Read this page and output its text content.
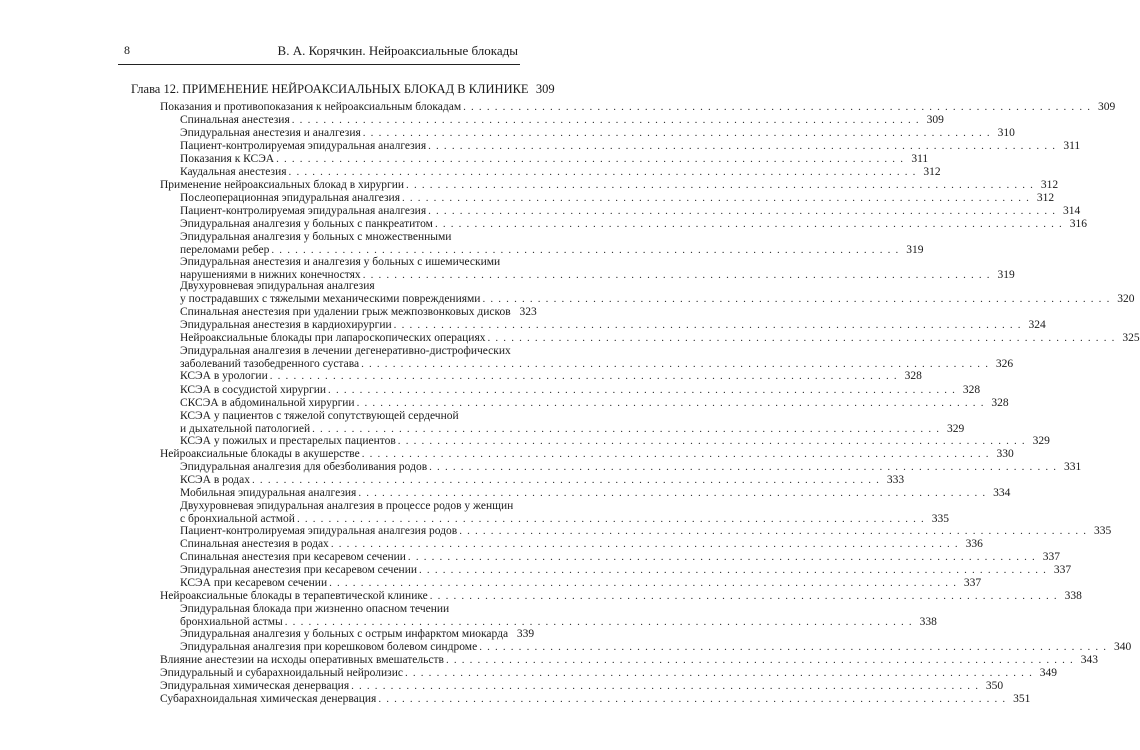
8	В. А. Корячкин. Нейроаксиальные блокады
Глава 12. ПРИМЕНЕНИЕ НЕЙРОАКСИАЛЬНЫХ БЛОКАД В КЛИНИКЕ 309
Показания и противопоказания к нейроаксиальным блокадам . . . . . . . . . . . . . . . . . . . . . . . . . . . . . . . . . . . . . . . . . . . . . . . . . . . . . . . . . . . . . . . . . . . . . . . . . . . . . . . . 309
Спинальная анестезия . . . . . . . . . . . . . . . . . . . . . . . . . . . . . . . . . . . . . . . . . . . . . . . . . . . . . . . . . . . . . . . . . . . . . . . . . . . . . . . . 309
Эпидуральная анестезия и аналгезия . . . . . . . . . . . . . . . . . . . . . . . . . . . . . . . . . . . . . . . . . . . . . . . . . . . . . . . . . . . . . . . . . . . . . . . . . . . . . . . . 310
Пациент-контролируемая эпидуральная аналгезия . . . . . . . . . . . . . . . . . . . . . . . . . . . . . . . . . . . . . . . . . . . . . . . . . . . . . . . . . . . . . . . . . . . . . . . . . . . . . . . . 311
Показания к КСЭА . . . . . . . . . . . . . . . . . . . . . . . . . . . . . . . . . . . . . . . . . . . . . . . . . . . . . . . . . . . . . . . . . . . . . . . . . . . . . . . . 311
Каудальная анестезия . . . . . . . . . . . . . . . . . . . . . . . . . . . . . . . . . . . . . . . . . . . . . . . . . . . . . . . . . . . . . . . . . . . . . . . . . . . . . . . . 312
Применение нейроаксиальных блокад в хирургии . . . . . . . . . . . . . . . . . . . . . . . . . . . . . . . . . . . . . . . . . . . . . . . . . . . . . . . . . . . . . . . . . . . . . . . . . . . . . . . . 312
Послеоперационная эпидуральная аналгезия . . . . . . . . . . . . . . . . . . . . . . . . . . . . . . . . . . . . . . . . . . . . . . . . . . . . . . . . . . . . . . . . . . . . . . . . . . . . . . . . 312
Пациент-контролируемая эпидуральная аналгезия . . . . . . . . . . . . . . . . . . . . . . . . . . . . . . . . . . . . . . . . . . . . . . . . . . . . . . . . . . . . . . . . . . . . . . . . . . . . . . . . 314
Эпидуральная аналгезия у больных с панкреатитом . . . . . . . . . . . . . . . . . . . . . . . . . . . . . . . . . . . . . . . . . . . . . . . . . . . . . . . . . . . . . . . . . . . . . . . . . . . . . . . . 316
Эпидуральная аналгезия у больных с множественными
переломами ребер . . . . . . . . . . . . . . . . . . . . . . . . . . . . . . . . . . . . . . . . . . . . . . . . . . . . . . . . . . . . . . . . . . . . . . . . . . . . . . . . 319
Эпидуральная анестезия и аналгезия у больных с ишемическими
нарушениями в нижних конечностях . . . . . . . . . . . . . . . . . . . . . . . . . . . . . . . . . . . . . . . . . . . . . . . . . . . . . . . . . . . . . . . . . . . . . . . . . . . . . . . . 319
Двухуровневая эпидуральная аналгезия
у пострадавших с тяжелыми механическими повреждениями . . . . . . . . . . . . . . . . . . . . . . . . . . . . . . . . . . . . . . . . . . . . . . . . . . . . . . . . . . . . . . . . . . . . . . . . . . . . . . . . 320
Спинальная анестезия при удалении грыж межпозвонковых дисков 323
Эпидуральная анестезия в кардиохирургии . . . . . . . . . . . . . . . . . . . . . . . . . . . . . . . . . . . . . . . . . . . . . . . . . . . . . . . . . . . . . . . . . . . . . . . . . . . . . . . . 324
Нейроаксиальные блокады при лапароскопических операциях . . . . . . . . . . . . . . . . . . . . . . . . . . . . . . . . . . . . . . . . . . . . . . . . . . . . . . . . . . . . . . . . . . . . . . . . . . . . . . . . 325
Эпидуральная аналгезия в лечении дегенеративно-дистрофических
заболеваний тазобедренного сустава . . . . . . . . . . . . . . . . . . . . . . . . . . . . . . . . . . . . . . . . . . . . . . . . . . . . . . . . . . . . . . . . . . . . . . . . . . . . . . . . 326
КСЭА в урологии . . . . . . . . . . . . . . . . . . . . . . . . . . . . . . . . . . . . . . . . . . . . . . . . . . . . . . . . . . . . . . . . . . . . . . . . . . . . . . . . 328
КСЭА в сосудистой хирургии . . . . . . . . . . . . . . . . . . . . . . . . . . . . . . . . . . . . . . . . . . . . . . . . . . . . . . . . . . . . . . . . . . . . . . . . . . . . . . . . 328
СКСЭА в абдоминальной хирургии . . . . . . . . . . . . . . . . . . . . . . . . . . . . . . . . . . . . . . . . . . . . . . . . . . . . . . . . . . . . . . . . . . . . . . . . . . . . . . . . 328
КСЭА у пациентов с тяжелой сопутствующей сердечной
и дыхательной патологией . . . . . . . . . . . . . . . . . . . . . . . . . . . . . . . . . . . . . . . . . . . . . . . . . . . . . . . . . . . . . . . . . . . . . . . . . . . . . . . . 329
КСЭА у пожилых и престарелых пациентов . . . . . . . . . . . . . . . . . . . . . . . . . . . . . . . . . . . . . . . . . . . . . . . . . . . . . . . . . . . . . . . . . . . . . . . . . . . . . . . . 329
Нейроаксиальные блокады в акушерстве . . . . . . . . . . . . . . . . . . . . . . . . . . . . . . . . . . . . . . . . . . . . . . . . . . . . . . . . . . . . . . . . . . . . . . . . . . . . . . . . 330
Эпидуральная аналгезия для обезболивания родов . . . . . . . . . . . . . . . . . . . . . . . . . . . . . . . . . . . . . . . . . . . . . . . . . . . . . . . . . . . . . . . . . . . . . . . . . . . . . . . . 331
КСЭА в родах . . . . . . . . . . . . . . . . . . . . . . . . . . . . . . . . . . . . . . . . . . . . . . . . . . . . . . . . . . . . . . . . . . . . . . . . . . . . . . . . 333
Мобильная эпидуральная аналгезия . . . . . . . . . . . . . . . . . . . . . . . . . . . . . . . . . . . . . . . . . . . . . . . . . . . . . . . . . . . . . . . . . . . . . . . . . . . . . . . . 334
Двухуровневая эпидуральная аналгезия в процессе родов у женщин
с бронхиальной астмой . . . . . . . . . . . . . . . . . . . . . . . . . . . . . . . . . . . . . . . . . . . . . . . . . . . . . . . . . . . . . . . . . . . . . . . . . . . . . . . . 335
Пациент-контролируемая эпидуральная аналгезия родов . . . . . . . . . . . . . . . . . . . . . . . . . . . . . . . . . . . . . . . . . . . . . . . . . . . . . . . . . . . . . . . . . . . . . . . . . . . . . . . . 335
Спинальная анестезия в родах . . . . . . . . . . . . . . . . . . . . . . . . . . . . . . . . . . . . . . . . . . . . . . . . . . . . . . . . . . . . . . . . . . . . . . . . . . . . . . . . 336
Спинальная анестезия при кесаревом сечении . . . . . . . . . . . . . . . . . . . . . . . . . . . . . . . . . . . . . . . . . . . . . . . . . . . . . . . . . . . . . . . . . . . . . . . . . . . . . . . . 337
Эпидуральная анестезия при кесаревом сечении . . . . . . . . . . . . . . . . . . . . . . . . . . . . . . . . . . . . . . . . . . . . . . . . . . . . . . . . . . . . . . . . . . . . . . . . . . . . . . . . 337
КСЭА при кесаревом сечении . . . . . . . . . . . . . . . . . . . . . . . . . . . . . . . . . . . . . . . . . . . . . . . . . . . . . . . . . . . . . . . . . . . . . . . . . . . . . . . . 337
Нейроаксиальные блокады в терапевтической клинике . . . . . . . . . . . . . . . . . . . . . . . . . . . . . . . . . . . . . . . . . . . . . . . . . . . . . . . . . . . . . . . . . . . . . . . . . . . . . . . . 338
Эпидуральная блокада при жизненно опасном течении
бронхиальной астмы . . . . . . . . . . . . . . . . . . . . . . . . . . . . . . . . . . . . . . . . . . . . . . . . . . . . . . . . . . . . . . . . . . . . . . . . . . . . . . . . 338
Эпидуральная аналгезия у больных с острым инфарктом миокарда 339
Эпидуральная аналгезия при корешковом болевом синдроме . . . . . . . . . . . . . . . . . . . . . . . . . . . . . . . . . . . . . . . . . . . . . . . . . . . . . . . . . . . . . . . . . . . . . . . . . . . . . . . . 340
Влияние анестезии на исходы оперативных вмешательств . . . . . . . . . . . . . . . . . . . . . . . . . . . . . . . . . . . . . . . . . . . . . . . . . . . . . . . . . . . . . . . . . . . . . . . . . . . . . . . . 343
Эпидуральный и субарахноидальный нейролизис . . . . . . . . . . . . . . . . . . . . . . . . . . . . . . . . . . . . . . . . . . . . . . . . . . . . . . . . . . . . . . . . . . . . . . . . . . . . . . . . 349
Эпидуральная химическая денервация . . . . . . . . . . . . . . . . . . . . . . . . . . . . . . . . . . . . . . . . . . . . . . . . . . . . . . . . . . . . . . . . . . . . . . . . . . . . . . . . 350
Субарахноидальная химическая денервация . . . . . . . . . . . . . . . . . . . . . . . . . . . . . . . . . . . . . . . . . . . . . . . . . . . . . . . . . . . . . . . . . . . . . . . . . . . . . . . . 351
